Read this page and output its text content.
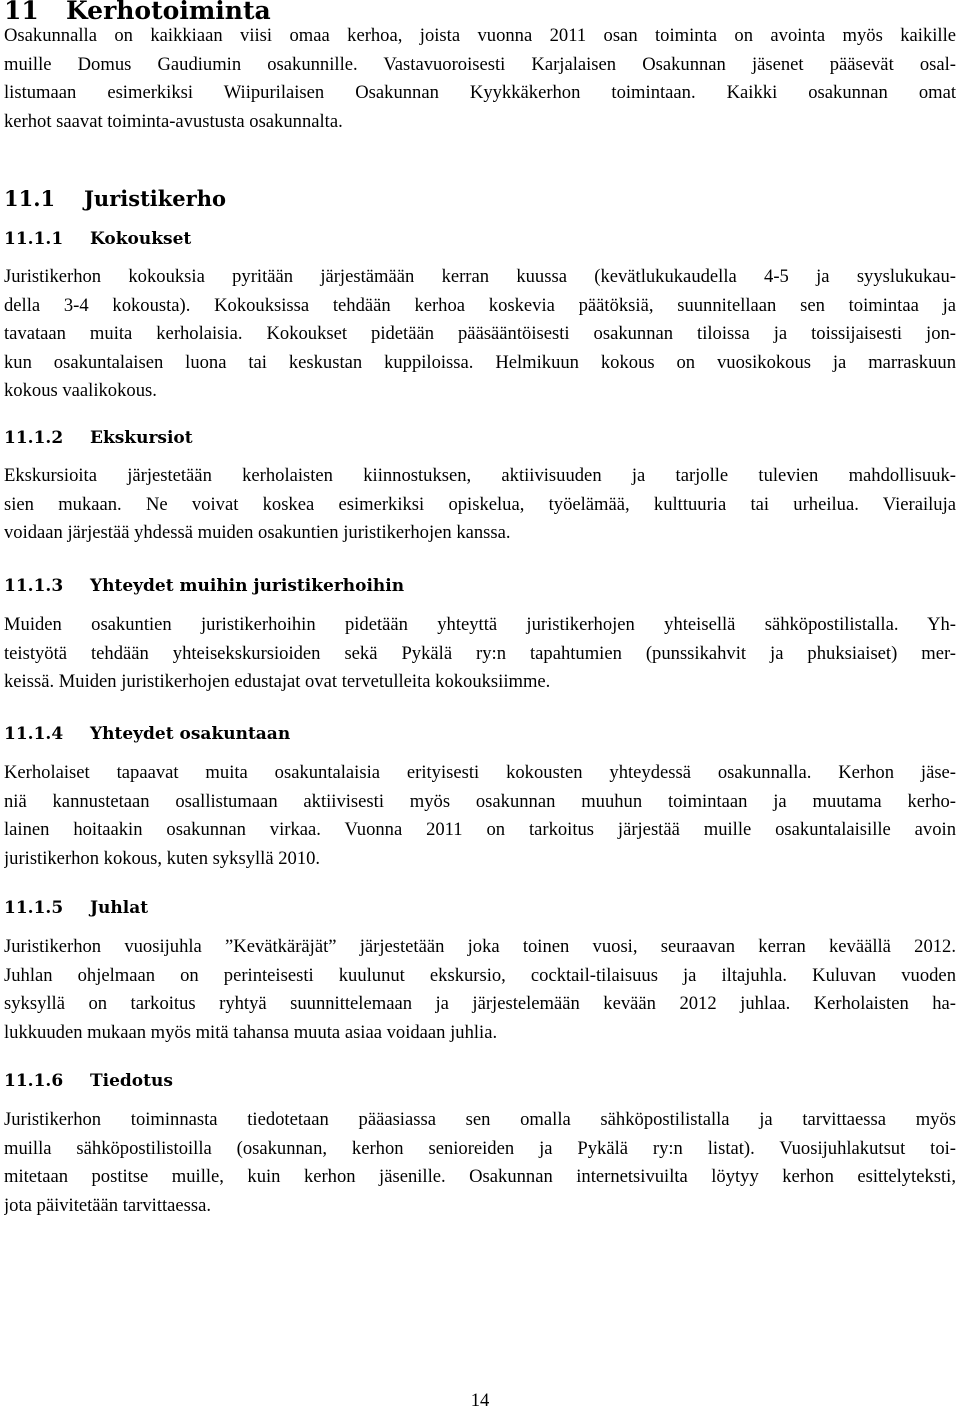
11 Kerhotoiminta
Osakunnalla on kaikkiaan viisi omaa kerhoa, joista vuonna 2011 osan toiminta on avointa myös kaikille
muille Domus Gaudiumin osakunnille. Vastavuoroisesti Karjalaisen Osakunnan jäsenet pääsevät osal-
listumaan esimerkiksi Wiipurilaisen Osakunnan Kyykkäkerhon toimintaan. Kaikki osakunnan omat
kerhot saavat toiminta-avustusta osakunnalta.
11.1 Juristikerho
11.1.1 Kokoukset
Juristikerhon kokouksia pyritään järjestämään kerran kuussa (kevätlukukaudella 4-5 ja syyslukukau-
della 3-4 kokousta). Kokouksissa tehdään kerhoa koskevia päätöksiä, suunnitellaan sen toimintaa ja
tavataan muita kerholaisia. Kokoukset pidetään pääsääntöisesti osakunnan tiloissa ja toissijaisesti jon-
kun osakuntalaisen luona tai keskustan kuppiloissa. Helmikuun kokous on vuosikokous ja marraskuun
kokous vaalikokous.
11.1.2 Ekskursiot
Ekskursioita järjestetään kerholaisten kiinnostuksen, aktiivisuuden ja tarjolle tulevien mahdollisuuk-
sien mukaan. Ne voivat koskea esimerkiksi opiskelua, työelämää, kulttuuria tai urheilua. Vierailuja
voidaan järjestää yhdessä muiden osakuntien juristikerhojen kanssa.
11.1.3 Yhteydet muihin juristikerhoihin
Muiden osakuntien juristikerhoihin pidetään yhteyttä juristikerhojen yhteisellä sähköpostilistalla. Yh-
teistyötä tehdään yhteisekskursioiden sekä Pykälä ry:n tapahtumien (punssikahvit ja phuksiaiset) mer-
keissä. Muiden juristikerhojen edustajat ovat tervetulleita kokouksiimme.
11.1.4 Yhteydet osakuntaan
Kerholaiset tapaavat muita osakuntalaisia erityisesti kokousten yhteydessä osakunnalla. Kerhon jäse-
niä kannustetaan osallistumaan aktiivisesti myös osakunnan muuhun toimintaan ja muutama kerho-
lainen hoitaakin osakunnan virkaa. Vuonna 2011 on tarkoitus järjestää muille osakuntalaisille avoin
juristikerhon kokous, kuten syksyllä 2010.
11.1.5 Juhlat
Juristikerhon vuosijuhla ”Kevätkäräjät” järjestetään joka toinen vuosi, seuraavan kerran keväällä 2012.
Juhlan ohjelmaan on perinteisesti kuulunut ekskursio, cocktail-tilaisuus ja iltajuhla. Kuluvan vuoden
syksyllä on tarkoitus ryhtyä suunnittelemaan ja järjestelemään kevään 2012 juhlaa. Kerholaisten ha-
lukkuuden mukaan myös mitä tahansa muuta asiaa voidaan juhlia.
11.1.6 Tiedotus
Juristikerhon toiminnasta tiedotetaan pääasiassa sen omalla sähköpostilistalla ja tarvittaessa myös
muilla sähköpostilistoilla (osakunnan, kerhon senioreiden ja Pykälä ry:n listat). Vuosijuhlakutsut toi-
mitetaan postitse muille, kuin kerhon jäsenille. Osakunnan internetsivuilta löytyy kerhon esittelyteksti,
jota päivitetään tarvittaessa.
14
